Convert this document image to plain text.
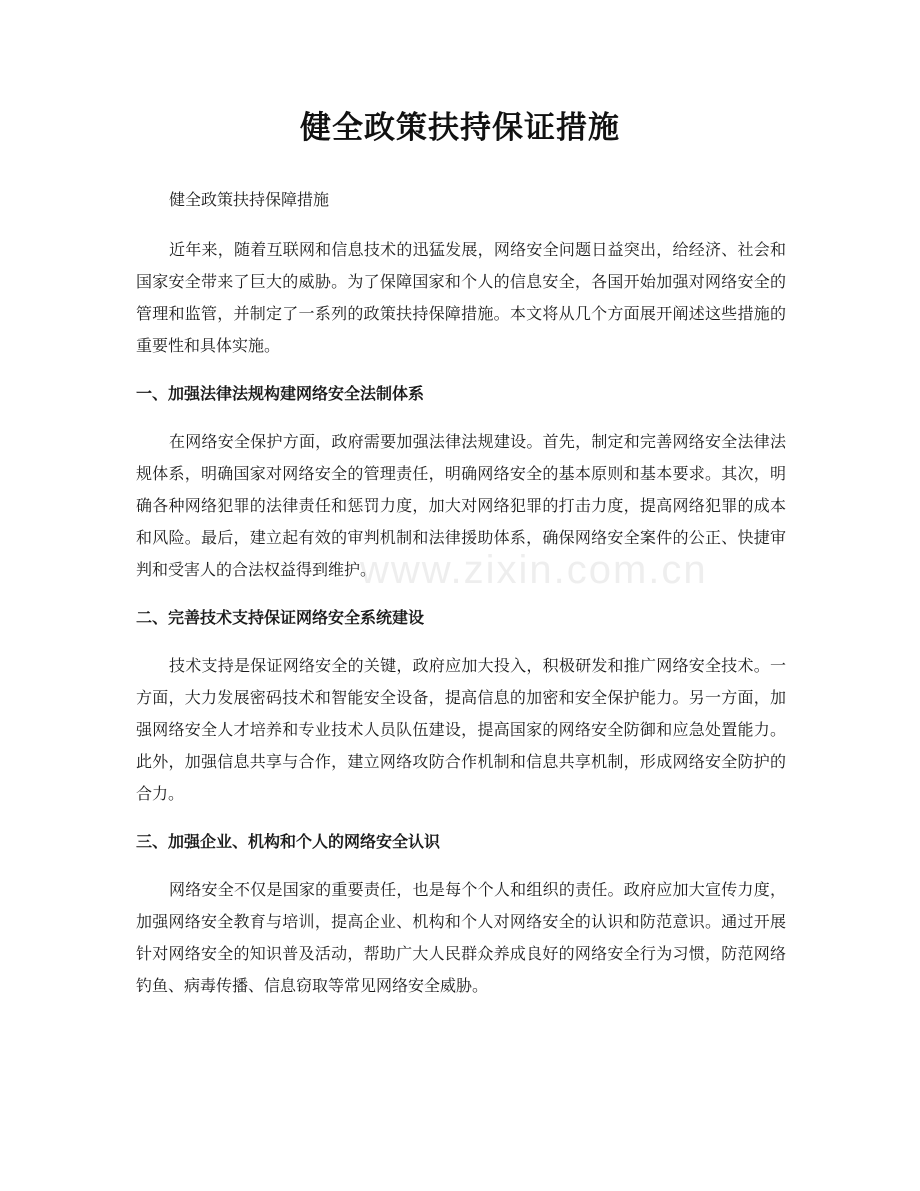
www.zixin.com.cn
健全政策扶持保证措施

健全政策扶持保障措施

近年来，随着互联网和信息技术的迅猛发展，网络安全问题日益突出，给经济、社会和国家安全带来了巨大的威胁。为了保障国家和个人的信息安全，各国开始加强对网络安全的管理和监管，并制定了一系列的政策扶持保障措施。本文将从几个方面展开阐述这些措施的重要性和具体实施。

一、加强法律法规构建网络安全法制体系

在网络安全保护方面，政府需要加强法律法规建设。首先，制定和完善网络安全法律法规体系，明确国家对网络安全的管理责任，明确网络安全的基本原则和基本要求。其次，明确各种网络犯罪的法律责任和惩罚力度，加大对网络犯罪的打击力度，提高网络犯罪的成本和风险。最后，建立起有效的审判机制和法律援助体系，确保网络安全案件的公正、快捷审判和受害人的合法权益得到维护。

二、完善技术支持保证网络安全系统建设

技术支持是保证网络安全的关键，政府应加大投入，积极研发和推广网络安全技术。一方面，大力发展密码技术和智能安全设备，提高信息的加密和安全保护能力。另一方面，加强网络安全人才培养和专业技术人员队伍建设，提高国家的网络安全防御和应急处置能力。此外，加强信息共享与合作，建立网络攻防合作机制和信息共享机制，形成网络安全防护的合力。

三、加强企业、机构和个人的网络安全认识

网络安全不仅是国家的重要责任，也是每个个人和组织的责任。政府应加大宣传力度，加强网络安全教育与培训，提高企业、机构和个人对网络安全的认识和防范意识。通过开展针对网络安全的知识普及活动，帮助广大人民群众养成良好的网络安全行为习惯，防范网络钓鱼、病毒传播、信息窃取等常见网络安全威胁。
